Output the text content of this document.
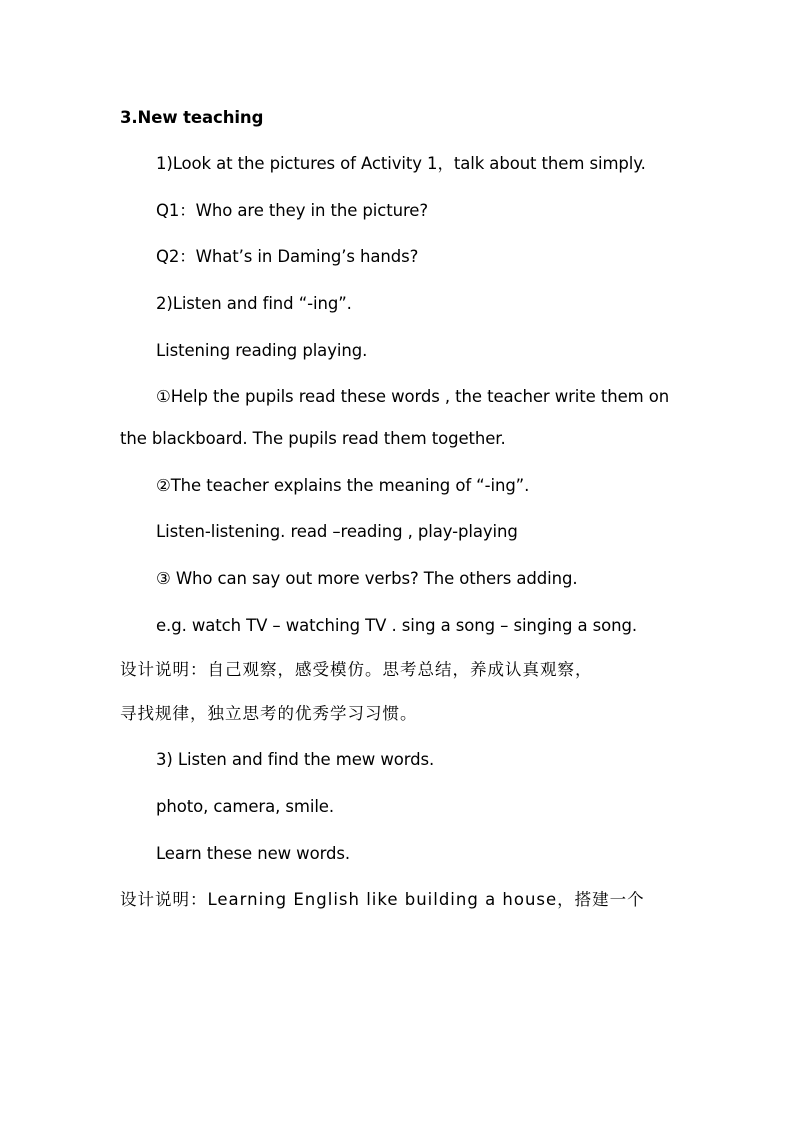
3.New teaching
1)Look at the pictures of Activity 1，talk about them simply.
Q1：Who are they in the picture?
Q2：What’s in Daming’s hands?
2)Listen and find “-ing”.
Listening reading playing.
①Help the pupils read these words , the teacher write them on
the blackboard. The pupils read them together.
②The teacher explains the meaning of “-ing”.
Listen-listening. read –reading , play-playing
③ Who can say out more verbs? The others adding.
e.g. watch TV – watching TV . sing a song – singing a song.
设计说明：自己观察，感受模仿。思考总结，养成认真观察，
寻找规律，独立思考的优秀学习习惯。
3) Listen and find the mew words.
photo, camera, smile.
Learn these new words.
设计说明：Learning English like building a house，搭建一个
